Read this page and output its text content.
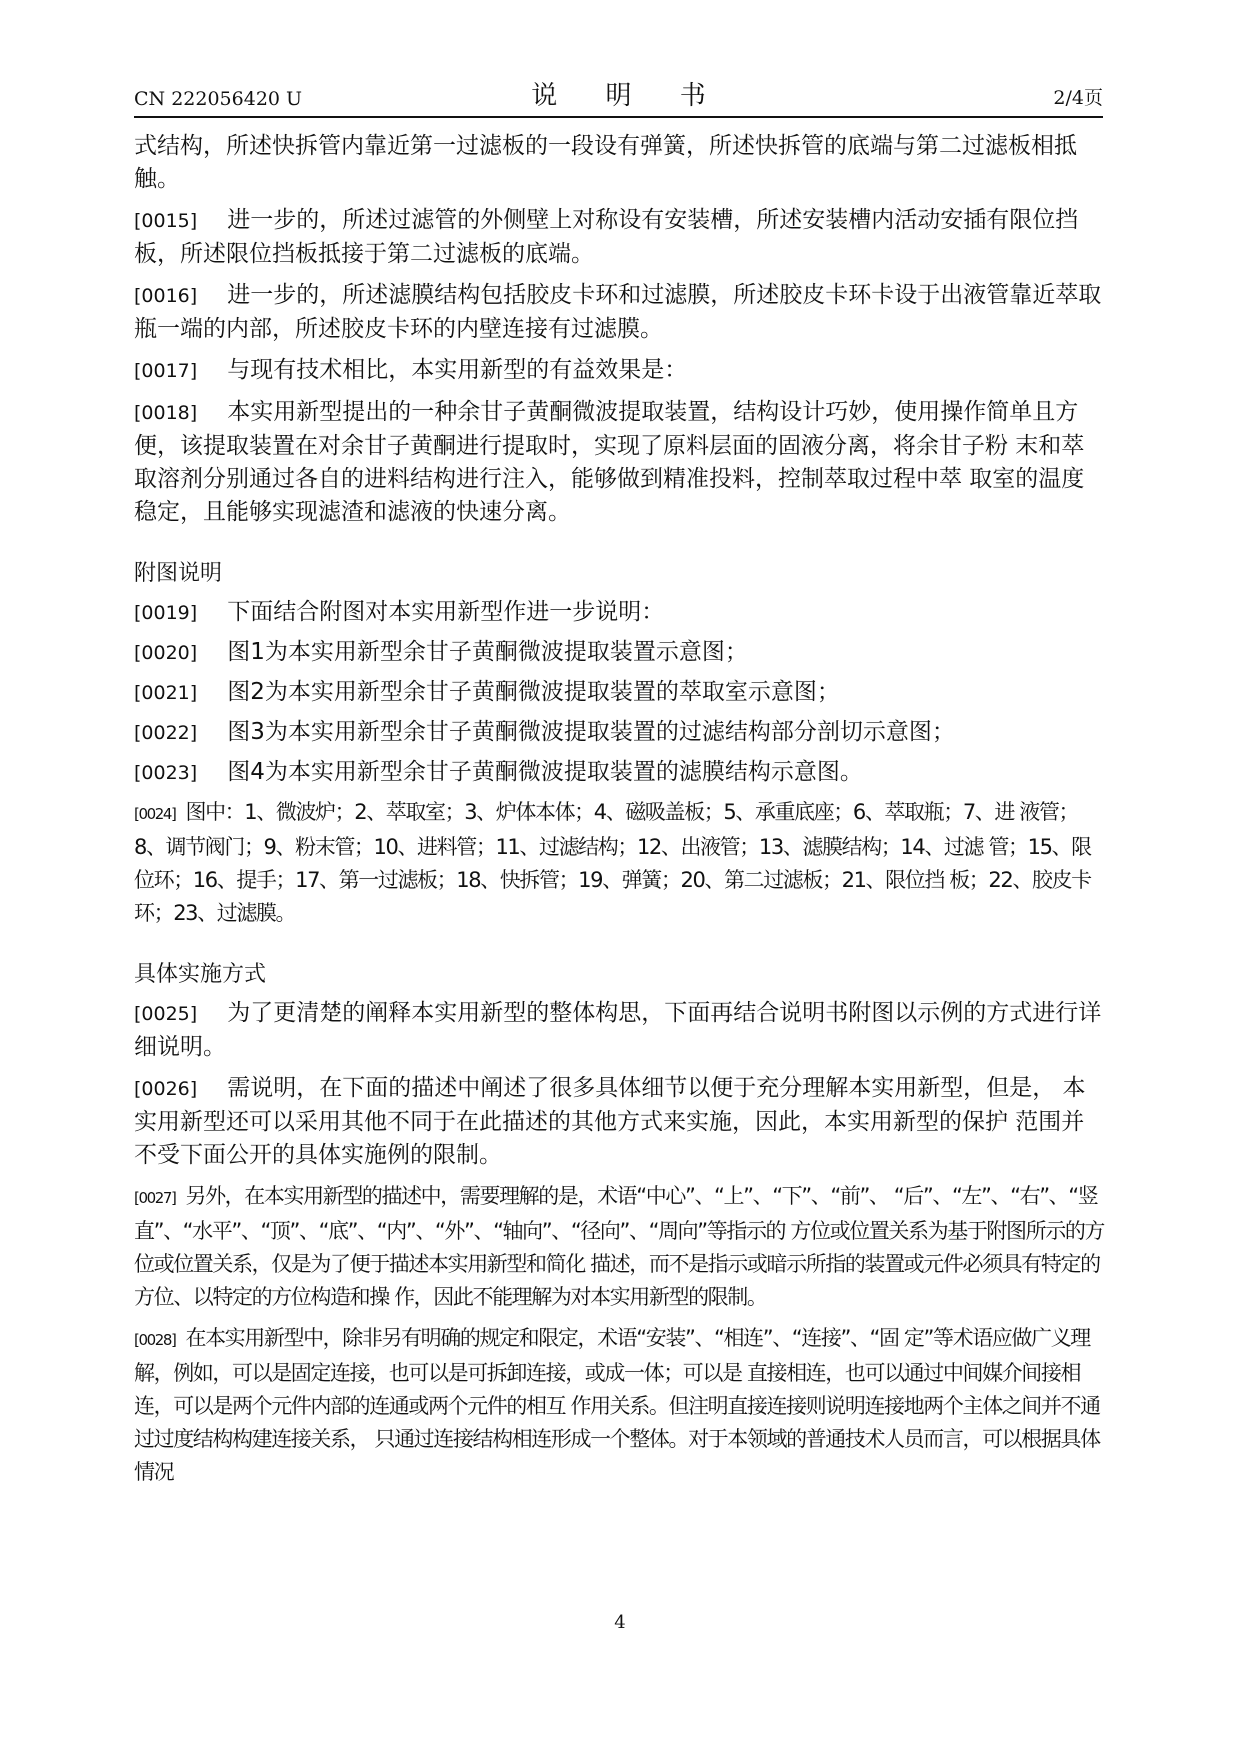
CN 222056420 U	说 明 书	2/4页

式结构，所述快拆管内靠近第一过滤板的一段设有弹簧，所述快拆管的底端与第二过滤板相抵触。

[0015] 进一步的，所述过滤管的外侧壁上对称设有安装槽，所述安装槽内活动安插有限位挡板，所述限位挡板抵接于第二过滤板的底端。

[0016] 进一步的，所述滤膜结构包括胶皮卡环和过滤膜，所述胶皮卡环卡设于出液管靠近萃取瓶一端的内部，所述胶皮卡环的内壁连接有过滤膜。

[0017] 与现有技术相比，本实用新型的有益效果是：

[0018] 本实用新型提出的一种余甘子黄酮微波提取装置，结构设计巧妙，使用操作简单且方便，该提取装置在对余甘子黄酮进行提取时，实现了原料层面的固液分离，将余甘子粉 末和萃取溶剂分别通过各自的进料结构进行注入，能够做到精准投料，控制萃取过程中萃 取室的温度稳定，且能够实现滤渣和滤液的快速分离。

附图说明

[0019] 下面结合附图对本实用新型作进一步说明：

[0020] 图1为本实用新型余甘子黄酮微波提取装置示意图；

[0021] 图2为本实用新型余甘子黄酮微波提取装置的萃取室示意图；

[0022] 图3为本实用新型余甘子黄酮微波提取装置的过滤结构部分剖切示意图；

[0023] 图4为本实用新型余甘子黄酮微波提取装置的滤膜结构示意图。

[0024] 图中：1、微波炉；2、萃取室；3、炉体本体；4、磁吸盖板；5、承重底座；6、萃取瓶；7、进 液管；8、调节阀门；9、粉末管；10、进料管；11、过滤结构；12、出液管；13、滤膜结构；14、过滤 管；15、限位环；16、提手；17、第一过滤板；18、快拆管；19、弹簧；20、第二过滤板；21、限位挡 板；22、胶皮卡环；23、过滤膜。

具体实施方式

[0025] 为了更清楚的阐释本实用新型的整体构思，下面再结合说明书附图以示例的方式进行详细说明。

[0026] 需说明，在下面的描述中阐述了很多具体细节以便于充分理解本实用新型，但是， 本实用新型还可以采用其他不同于在此描述的其他方式来实施，因此，本实用新型的保护 范围并不受下面公开的具体实施例的限制。

[0027] 另外，在本实用新型的描述中，需要理解的是，术语“中心”、“上”、“下”、“前”、 “后”、“左”、“右”、“竖直”、“水平”、“顶”、“底”、“内”、“外”、“轴向”、“径向”、“周向”等指示的 方位或位置关系为基于附图所示的方位或位置关系，仅是为了便于描述本实用新型和简化 描述，而不是指示或暗示所指的装置或元件必须具有特定的方位、以特定的方位构造和操 作，因此不能理解为对本实用新型的限制。

[0028] 在本实用新型中，除非另有明确的规定和限定，术语“安装”、“相连”、“连接”、“固 定”等术语应做广义理解，例如，可以是固定连接，也可以是可拆卸连接，或成一体；可以是 直接相连，也可以通过中间媒介间接相连，可以是两个元件内部的连通或两个元件的相互 作用关系。但注明直接连接则说明连接地两个主体之间并不通过过度结构构建连接关系， 只通过连接结构相连形成一个整体。对于本领域的普通技术人员而言，可以根据具体情况

4
